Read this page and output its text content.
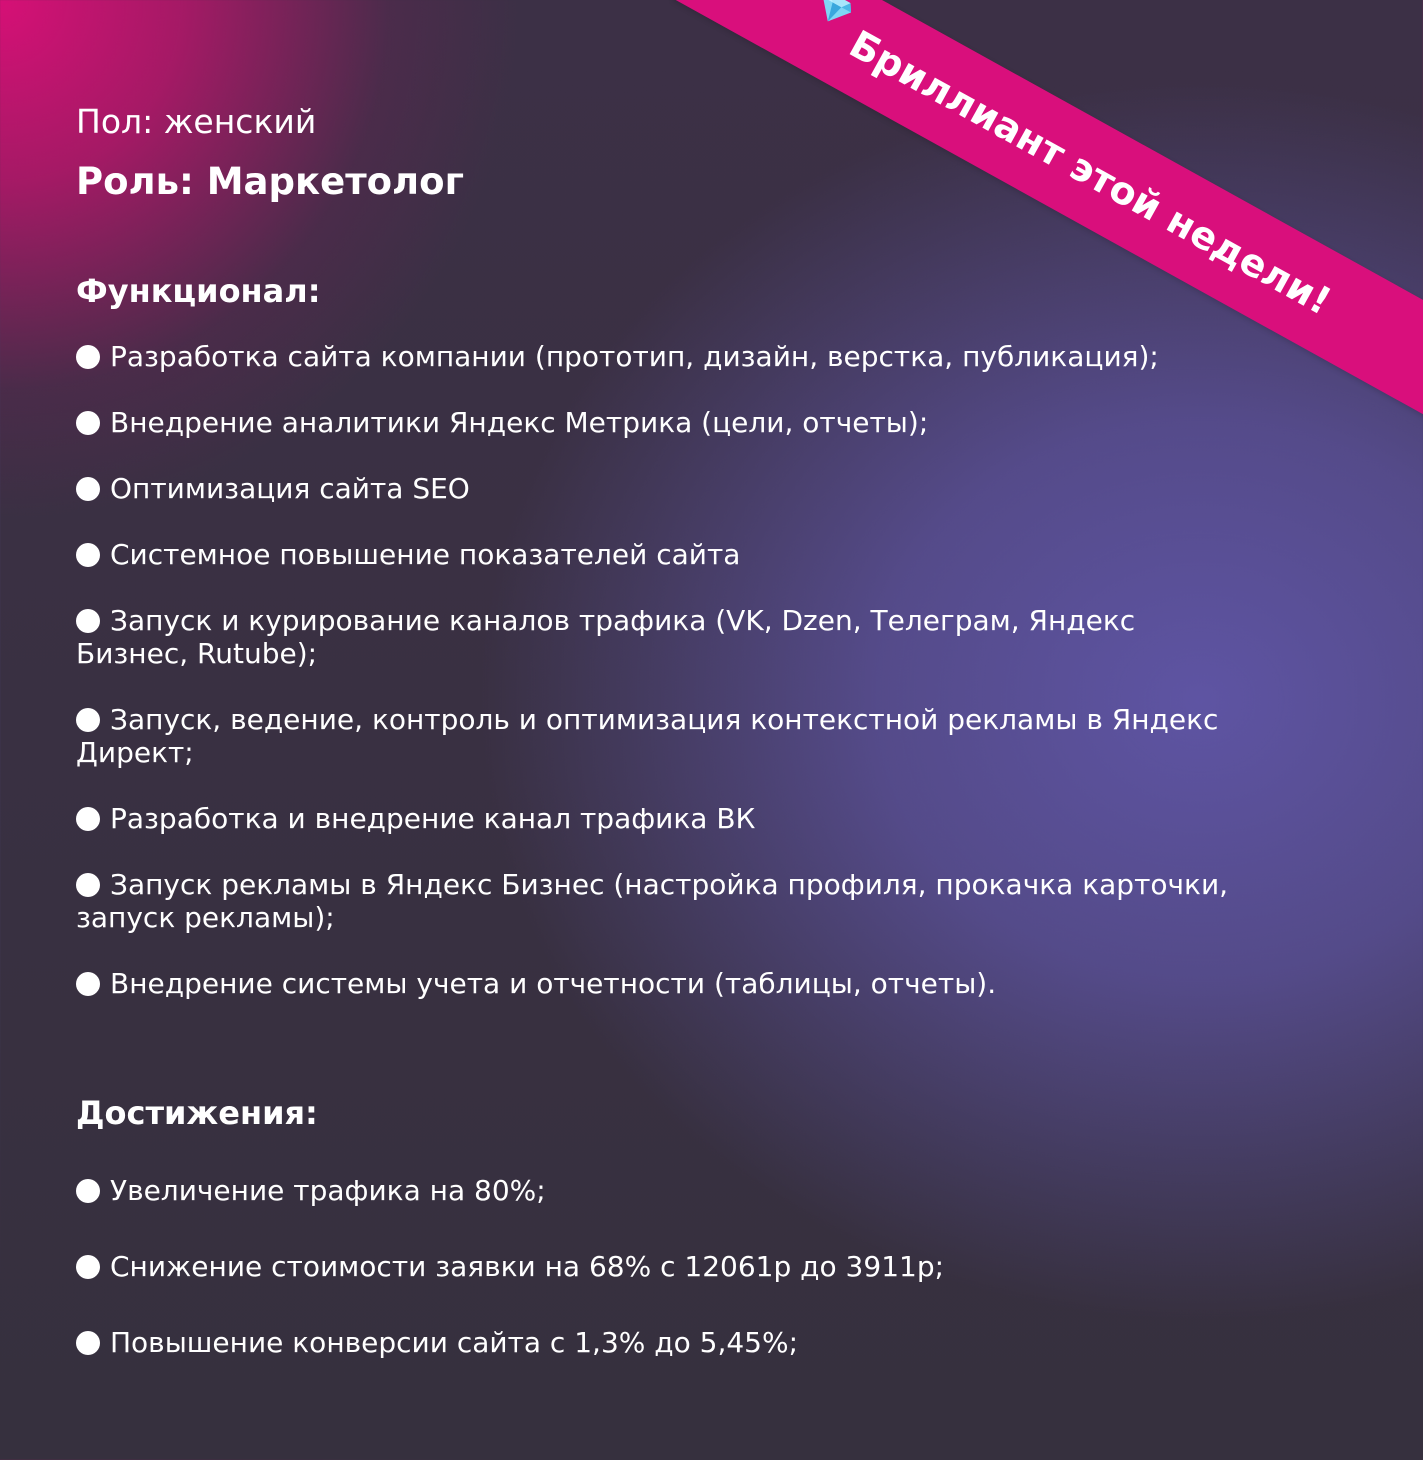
Бриллиант этой недели!
Пол: женский
Роль: Маркетолог
Функционал:
Разработка сайта компании (прототип, дизайн, верстка, публикация);
Внедрение аналитики Яндекс Метрика (цели, отчеты);
Оптимизация сайта SEO
Системное повышение показателей сайта
Запуск и курирование каналов трафика (VK, Dzen, Телеграм, Яндекс Бизнес, Rutube);
Запуск, ведение, контроль и оптимизация контекстной рекламы в Яндекс Директ;
Разработка и внедрение канал трафика ВК
Запуск рекламы в Яндекс Бизнес (настройка профиля, прокачка карточки, запуск рекламы);
Внедрение системы учета и отчетности (таблицы, отчеты).
Достижения:
Увеличение трафика на 80%;
Снижение стоимости заявки на 68% с 12061р до 3911р;
Повышение конверсии сайта с 1,3% до 5,45%;
